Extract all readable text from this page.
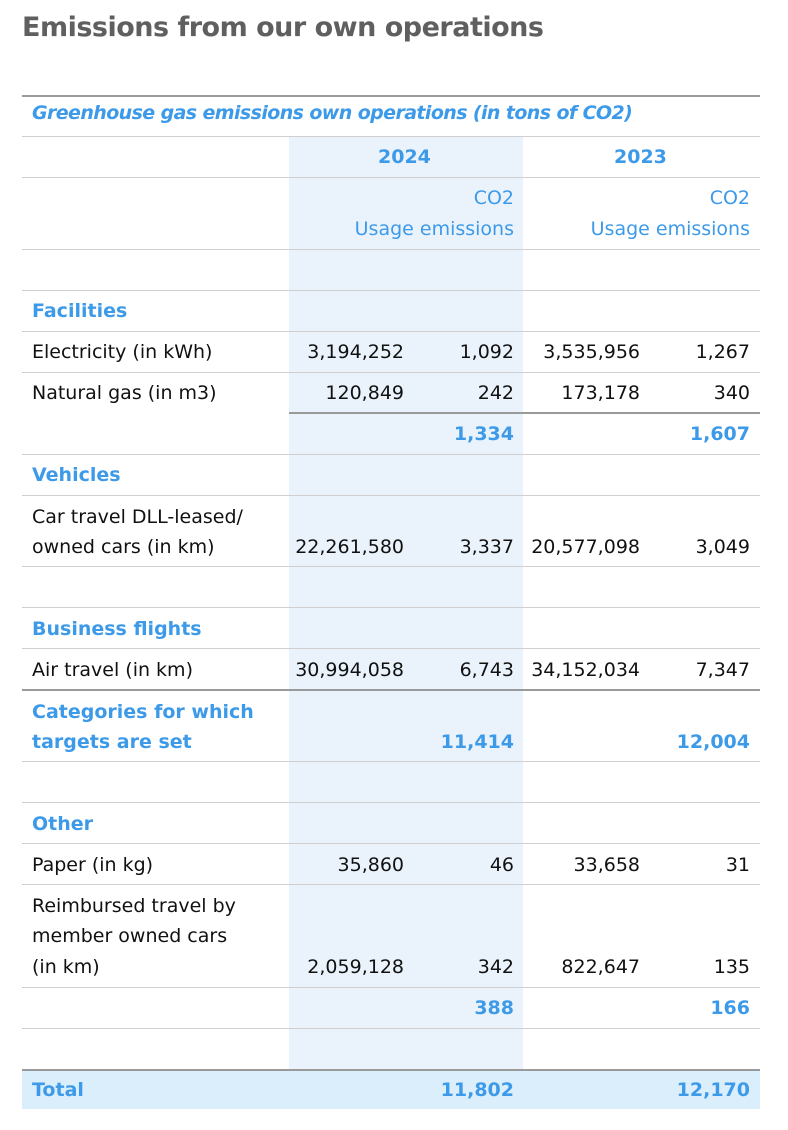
Emissions from our own operations
Greenhouse gas emissions own operations (in tons of CO2)
2024	2023
CO2
Usage emissions
CO2
Usage emissions
Facilities
Electricity (in kWh)	3,194,252	1,092 3,535,956	1,267
Natural gas (in m3)	120,849	242 173,178	340
1,334	1,607
Vehicles
Car travel DLL-leased/
owned cars (in km)	22,261,580	3,337 20,577,098	3,049
Business flights
Air travel (in km)	30,994,058	6,743 34,152,034	7,347
Categories for which targets are set	11,414	12,004
Other
Paper (in kg)	35,860	46	33,658	31
Reimbursed travel by
member owned cars
(in km)	2,059,128	342 822,647	135
388	166
Total	11,802	12,170
